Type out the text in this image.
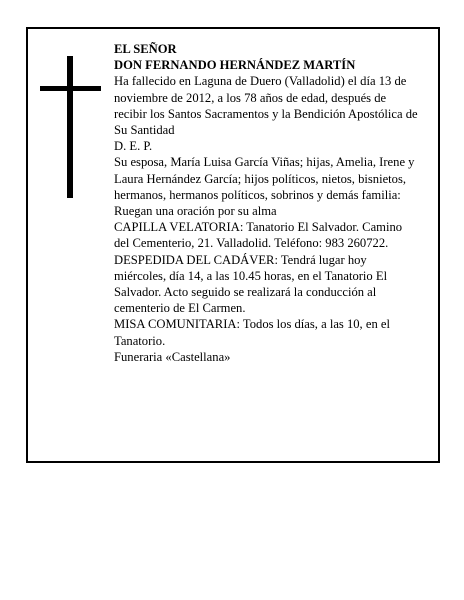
EL SEÑOR

DON FERNANDO HERNÁNDEZ MARTÍN

Ha fallecido en Laguna de Duero (Valladolid) el día 13 de noviembre de 2012, a los 78 años de edad, después de recibir los Santos Sacramentos y la Bendición Apostólica de Su Santidad

D. E. P.

Su esposa, María Luisa García Viñas; hijas, Amelia, Irene y Laura Hernández García; hijos políticos, nietos, bisnietos, hermanos, hermanos políticos, sobrinos y demás familia:

Ruegan una oración por su alma

CAPILLA VELATORIA: Tanatorio El Salvador. Camino del Cementerio, 21. Valladolid. Teléfono: 983 260722.

DESPEDIDA DEL CADÁVER: Tendrá lugar hoy miércoles, día 14, a las 10.45 horas, en el Tanatorio El Salvador. Acto seguido se realizará la conducción al cementerio de El Carmen.

MISA COMUNITARIA: Todos los días, a las 10, en el Tanatorio.

Funeraria «Castellana»
